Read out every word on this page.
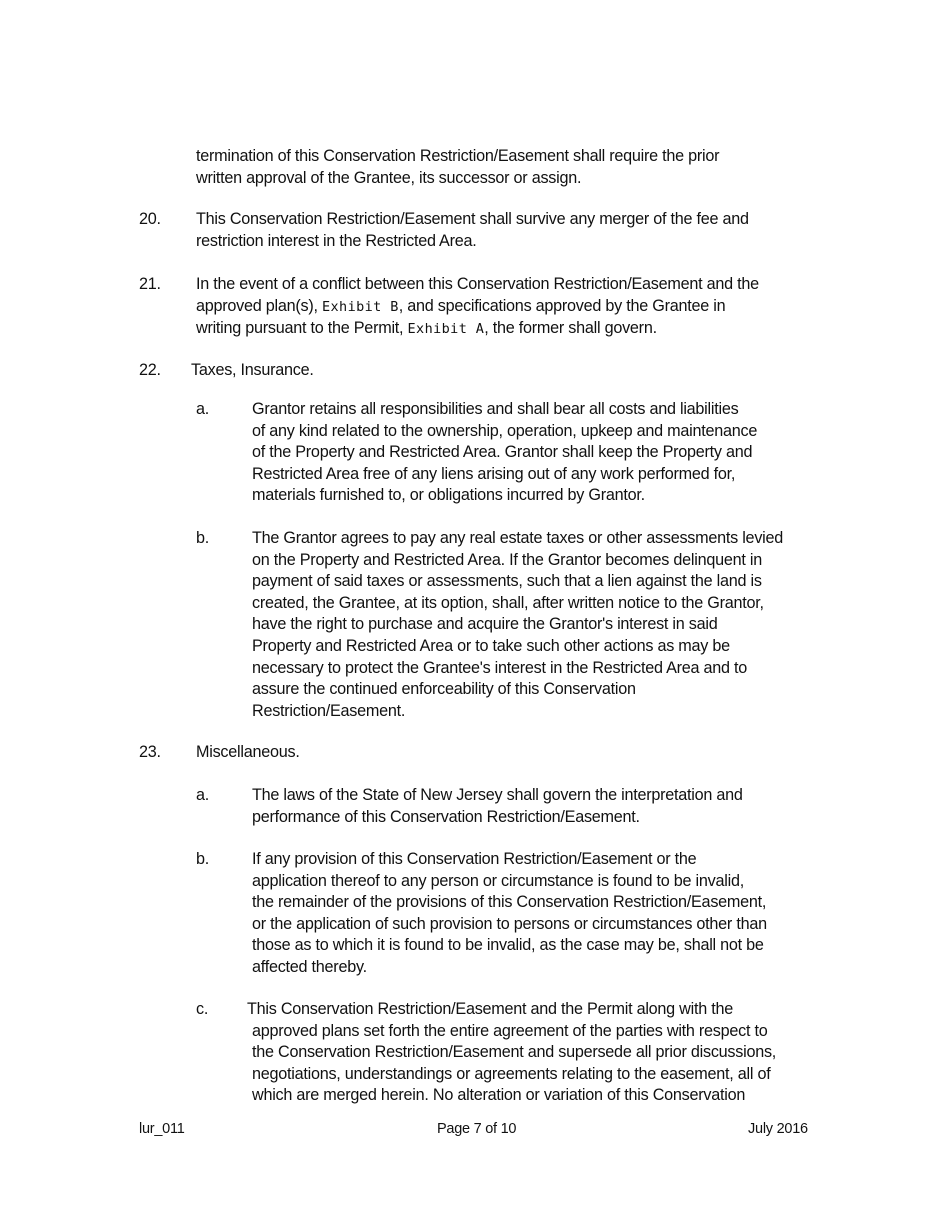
termination of this Conservation Restriction/Easement shall require the prior
written approval of the Grantee, its successor or assign.
20. This Conservation Restriction/Easement shall survive any merger of the fee and
restriction interest in the Restricted Area.
21. In the event of a conflict between this Conservation Restriction/Easement and the
approved plan(s), Exhibit B, and specifications approved by the Grantee in
writing pursuant to the Permit, Exhibit A, the former shall govern.
22. Taxes, Insurance.
a.	Grantor retains all responsibilities and shall bear all costs and liabilities
of any kind related to the ownership, operation, upkeep and maintenance
of the Property and Restricted Area. Grantor shall keep the Property and
Restricted Area free of any liens arising out of any work performed for,
materials furnished to, or obligations incurred by Grantor.
b.	The Grantor agrees to pay any real estate taxes or other assessments levied
on the Property and Restricted Area. If the Grantor becomes delinquent in
payment of said taxes or assessments, such that a lien against the land is
created, the Grantee, at its option, shall, after written notice to the Grantor,
have the right to purchase and acquire the Grantor's interest in said
Property and Restricted Area or to take such other actions as may be
necessary to protect the Grantee's interest in the Restricted Area and to
assure the continued enforceability of this Conservation
Restriction/Easement.
23. Miscellaneous.
a.	The laws of the State of New Jersey shall govern the interpretation and
performance of this Conservation Restriction/Easement.
b.	If any provision of this Conservation Restriction/Easement or the
application thereof to any person or circumstance is found to be invalid,
the remainder of the provisions of this Conservation Restriction/Easement,
or the application of such provision to persons or circumstances other than
those as to which it is found to be invalid, as the case may be, shall not be
affected thereby.
c. This Conservation Restriction/Easement and the Permit along with the
approved plans set forth the entire agreement of the parties with respect to
the Conservation Restriction/Easement and supersede all prior discussions,
negotiations, understandings or agreements relating to the easement, all of
which are merged herein. No alteration or variation of this Conservation
lur_011	Page 7 of 10	July 2016
